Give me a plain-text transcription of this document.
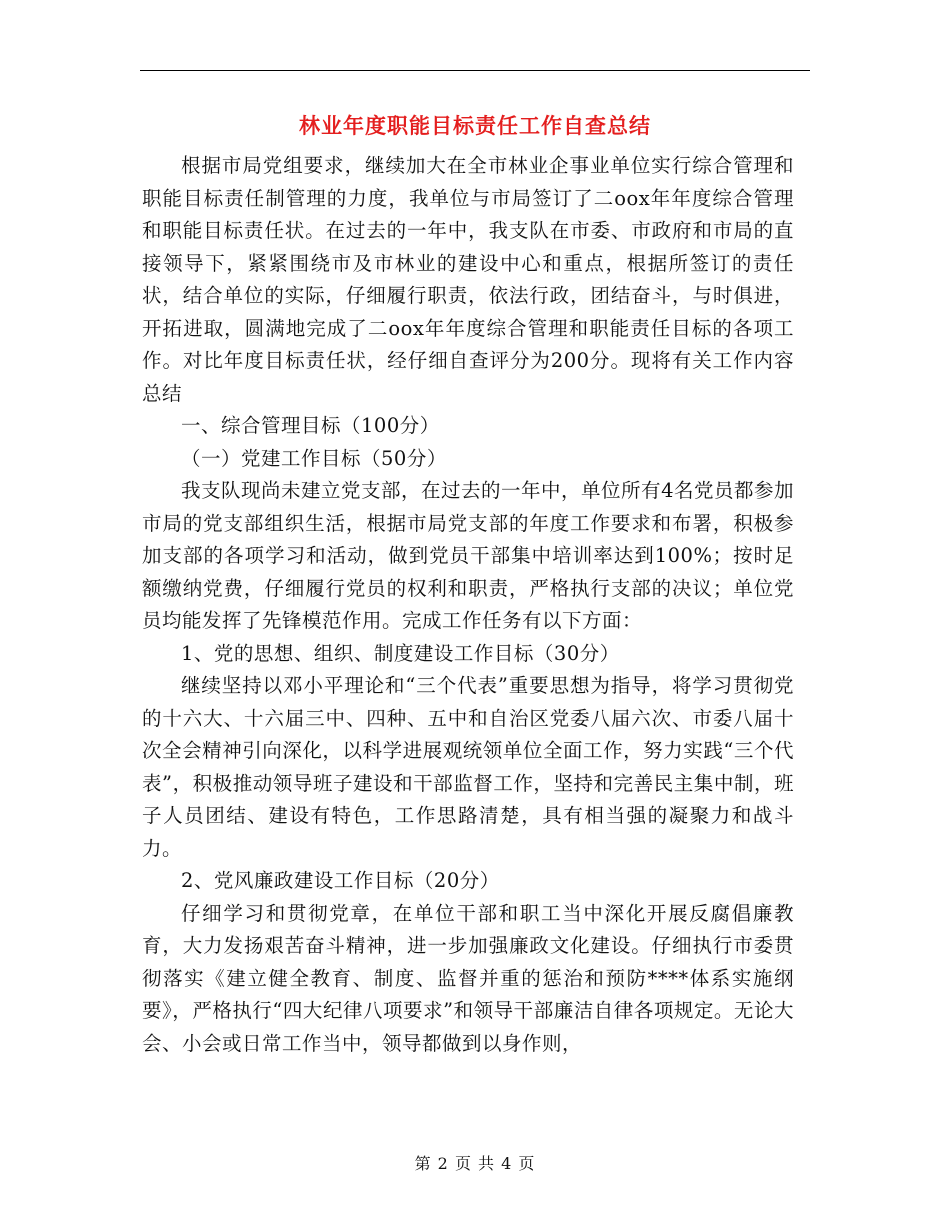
林业年度职能目标责任工作自查总结

根据市局党组要求，继续加大在全市林业企事业单位实行综合管理和职能目标责任制管理的力度，我单位与市局签订了二oox年年度综合管理和职能目标责任状。在过去的一年中，我支队在市委、市政府和市局的直接领导下，紧紧围绕市及市林业的建设中心和重点，根据所签订的责任状，结合单位的实际，仔细履行职责，依法行政，团结奋斗，与时俱进，开拓进取，圆满地完成了二oox年年度综合管理和职能责任目标的各项工作。对比年度目标责任状，经仔细自查评分为200分。现将有关工作内容总结

一、综合管理目标（100分）

（一）党建工作目标（50分）

我支队现尚未建立党支部，在过去的一年中，单位所有4名党员都参加市局的党支部组织生活，根据市局党支部的年度工作要求和布署，积极参加支部的各项学习和活动，做到党员干部集中培训率达到100%；按时足额缴纳党费，仔细履行党员的权利和职责，严格执行支部的决议；单位党员均能发挥了先锋模范作用。完成工作任务有以下方面：

1、党的思想、组织、制度建设工作目标（30分）

继续坚持以邓小平理论和“三个代表”重要思想为指导，将学习贯彻党的十六大、十六届三中、四种、五中和自治区党委八届六次、市委八届十次全会精神引向深化，以科学进展观统领单位全面工作，努力实践“三个代表”，积极推动领导班子建设和干部监督工作，坚持和完善民主集中制，班子人员团结、建设有特色，工作思路清楚，具有相当强的凝聚力和战斗力。

2、党风廉政建设工作目标（20分）

仔细学习和贯彻党章，在单位干部和职工当中深化开展反腐倡廉教育，大力发扬艰苦奋斗精神，进一步加强廉政文化建设。仔细执行市委贯彻落实《建立健全教育、制度、监督并重的惩治和预防****体系实施纲要》，严格执行“四大纪律八项要求”和领导干部廉洁自律各项规定。无论大会、小会或日常工作当中，领导都做到以身作则，

第 2 页 共 4 页
